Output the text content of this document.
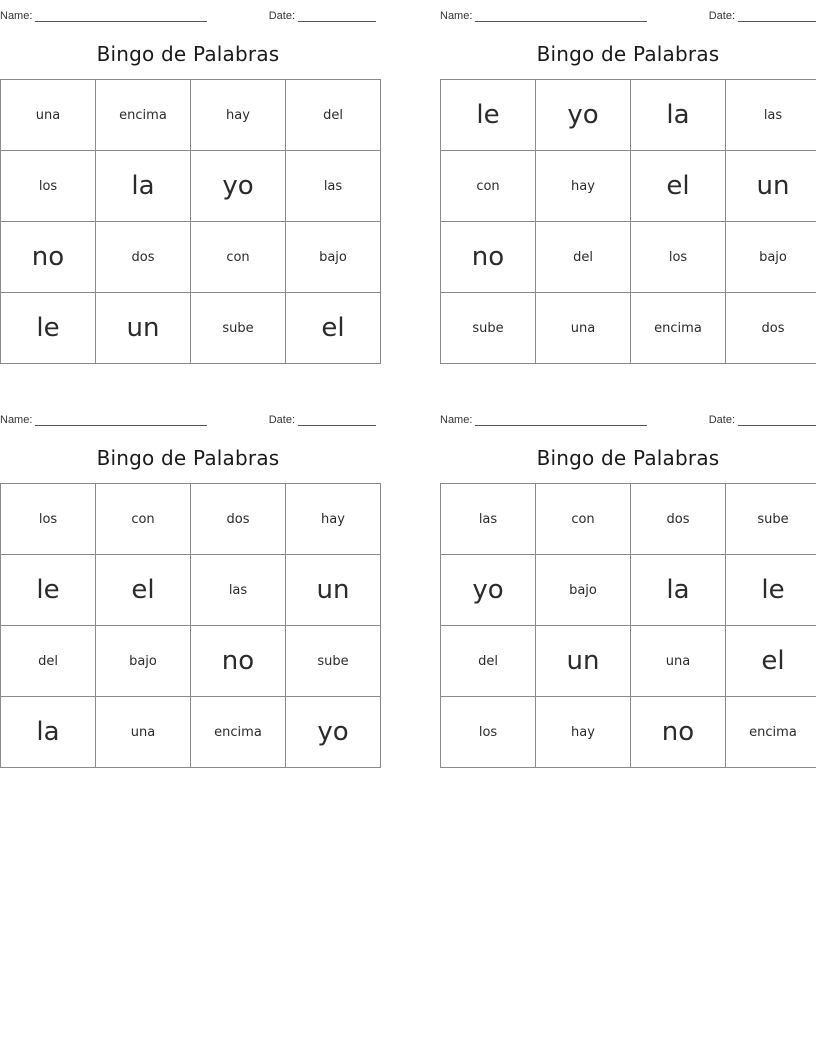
Name:	Date:
Bingo de Palabras
una	encima	hay	del
los	la	yo	las
no	dos	con	bajo
le	un	sube	el
Name:	Date:
Bingo de Palabras
le	yo	la	las
con	hay	el	un
no	del	los	bajo
sube	una	encima	dos
Name:	Date:
Bingo de Palabras
los	con	dos	hay
le	el	las	un
del	bajo	no	sube
la	una	encima	yo
Name:	Date:
Bingo de Palabras
las	con	dos	sube
yo	bajo	la	le
del	un	una	el
los	hay	no	encima
